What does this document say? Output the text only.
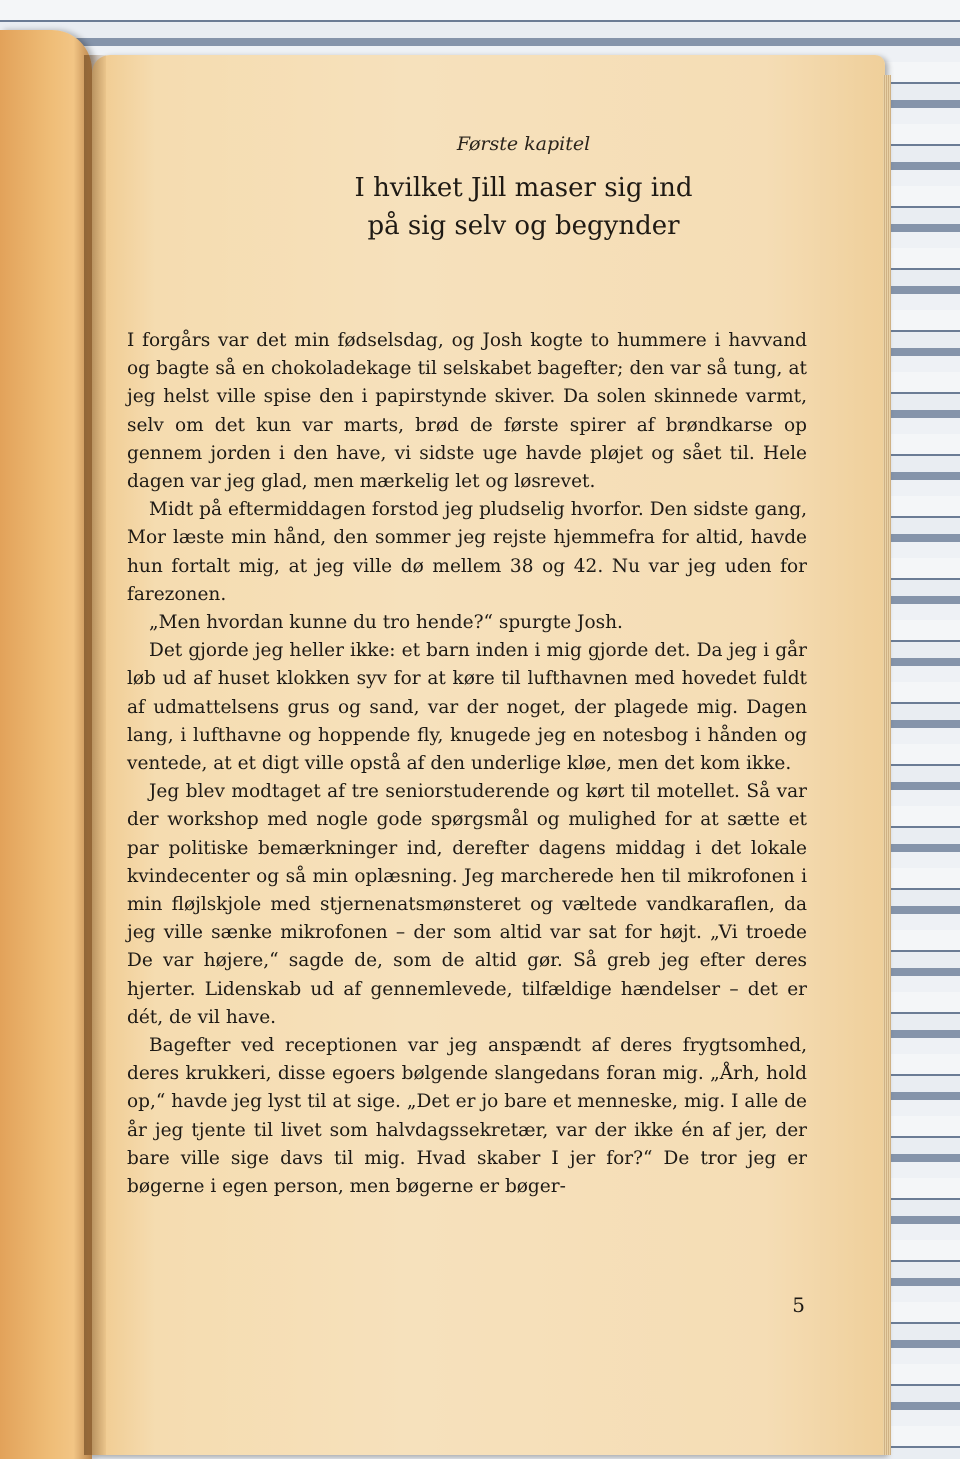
Første kapitel
I hvilket Jill maser sig ind
på sig selv og begynder

I forgårs var det min fødselsdag, og Josh kogte to hummere i havvand og bagte så en chokoladekage til selskabet bagefter; den var så tung, at jeg helst ville spise den i papirstynde skiver. Da solen skinnede varmt, selv om det kun var marts, brød de første spirer af brøndkarse op gennem jorden i den have, vi sidste uge havde pløjet og sået til. Hele dagen var jeg glad, men mærkelig let og løsrevet.

Midt på eftermiddagen forstod jeg pludselig hvorfor. Den sidste gang, Mor læste min hånd, den sommer jeg rejste hjemmefra for altid, havde hun fortalt mig, at jeg ville dø mellem 38 og 42. Nu var jeg uden for farezonen.

„Men hvordan kunne du tro hende?“ spurgte Josh.

Det gjorde jeg heller ikke: et barn inden i mig gjorde det. Da jeg i går løb ud af huset klokken syv for at køre til lufthavnen med hovedet fuldt af udmattelsens grus og sand, var der noget, der plagede mig. Dagen lang, i lufthavne og hoppende fly, knugede jeg en notesbog i hånden og ventede, at et digt ville opstå af den underlige kløe, men det kom ikke.

Jeg blev modtaget af tre seniorstuderende og kørt til motellet. Så var der workshop med nogle gode spørgsmål og mulighed for at sætte et par politiske bemærkninger ind, derefter dagens middag i det lokale kvindecenter og så min oplæsning. Jeg marcherede hen til mikrofonen i min fløjlskjole med stjernenatsmønsteret og væltede vandkaraflen, da jeg ville sænke mikrofonen – der som altid var sat for højt. „Vi troede De var højere,“ sagde de, som de altid gør. Så greb jeg efter deres hjerter. Lidenskab ud af gennemlevede, tilfældige hændelser – det er dét, de vil have.

Bagefter ved receptionen var jeg anspændt af deres frygtsomhed, deres krukkeri, disse egoers bølgende slangedans foran mig. „Årh, hold op,“ havde jeg lyst til at sige. „Det er jo bare et menneske, mig. I alle de år jeg tjente til livet som halvdagssekretær, var der ikke én af jer, der bare ville sige davs til mig. Hvad skaber I jer for?“ De tror jeg er bøgerne i egen person, men bøgerne er bøger-

5
